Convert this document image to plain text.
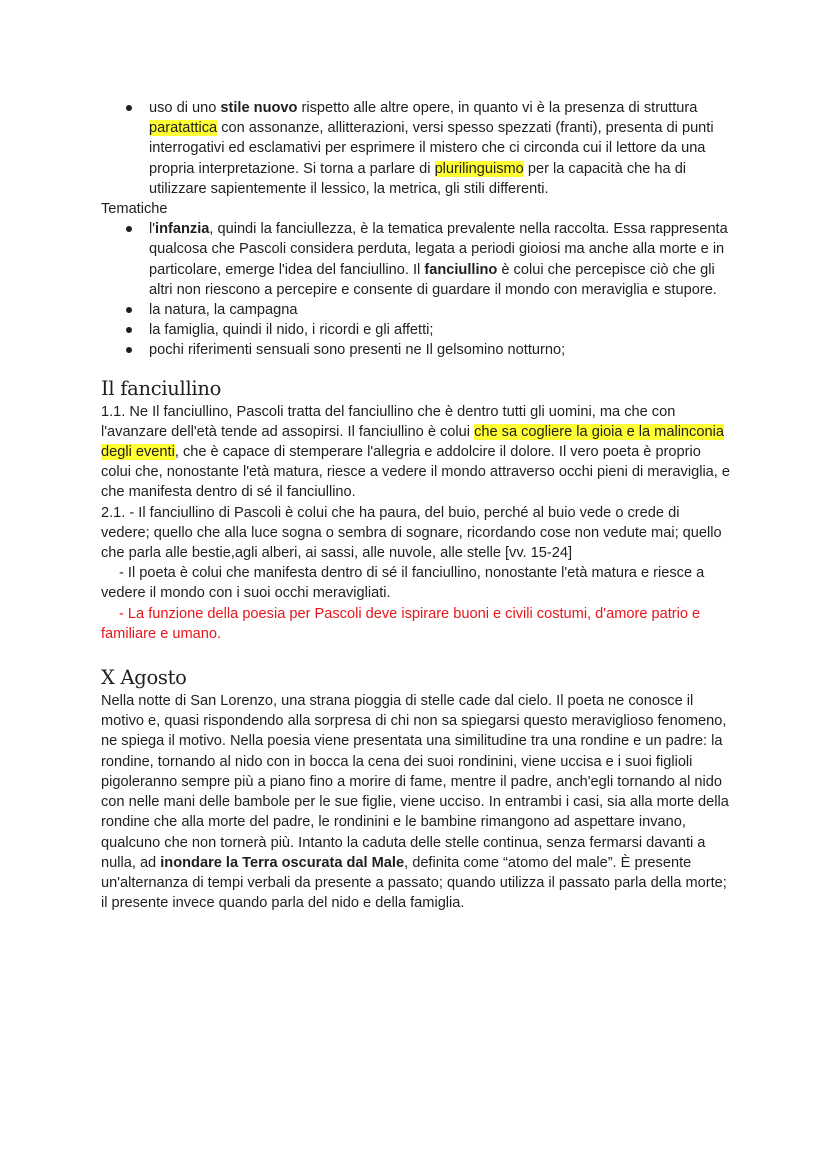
uso di uno stile nuovo rispetto alle altre opere, in quanto vi è la presenza di struttura paratattica con assonanze, allitterazioni, versi spesso spezzati (franti), presenta di punti interrogativi ed esclamativi per esprimere il mistero che ci circonda cui il lettore da una propria interpretazione. Si torna a parlare di plurilinguismo per la capacità che ha di utilizzare sapientemente il lessico, la metrica, gli stili differenti.

Tematiche

l'infanzia, quindi la fanciullezza, è la tematica prevalente nella raccolta. Essa rappresenta qualcosa che Pascoli considera perduta, legata a periodi gioiosi ma anche alla morte e in particolare, emerge l'idea del fanciullino. Il fanciullino è colui che percepisce ciò che gli altri non riescono a percepire e consente di guardare il mondo con meraviglia e stupore.
la natura, la campagna
la famiglia, quindi il nido, i ricordi e gli affetti;
pochi riferimenti sensuali sono presenti ne Il gelsomino notturno;
Il fanciullino

1.1. Ne Il fanciullino, Pascoli tratta del fanciullino che è dentro tutti gli uomini, ma che con l'avanzare dell'età tende ad assopirsi. Il fanciullino è colui che sa cogliere la gioia e la malinconia degli eventi, che è capace di stemperare l'allegria e addolcire il dolore. Il vero poeta è proprio colui che, nonostante l'età matura, riesce a vedere il mondo attraverso occhi pieni di meraviglia, e che manifesta dentro di sé il fanciullino.

2.1. - Il fanciullino di Pascoli è colui che ha paura, del buio, perché al buio vede o crede di vedere; quello che alla luce sogna o sembra di sognare, ricordando cose non vedute mai; quello che parla alle bestie,agli alberi, ai sassi, alle nuvole, alle stelle [vv. 15-24]

- Il poeta è colui che manifesta dentro di sé il fanciullino, nonostante l'età matura e riesce a vedere il mondo con i suoi occhi meravigliati.

- La funzione della poesia per Pascoli deve ispirare buoni e civili costumi, d'amore patrio e familiare e umano.

X Agosto

Nella notte di San Lorenzo, una strana pioggia di stelle cade dal cielo. Il poeta ne conosce il motivo e, quasi rispondendo alla sorpresa di chi non sa spiegarsi questo meraviglioso fenomeno, ne spiega il motivo. Nella poesia viene presentata una similitudine tra una rondine e un padre: la rondine, tornando al nido con in bocca la cena dei suoi rondinini, viene uccisa e i suoi figlioli pigoleranno sempre più a piano fino a morire di fame, mentre il padre, anch'egli tornando al nido con nelle mani delle bambole per le sue figlie, viene ucciso. In entrambi i casi, sia alla morte della rondine che alla morte del padre, le rondinini e le bambine rimangono ad aspettare invano, qualcuno che non tornerà più. Intanto la caduta delle stelle continua, senza fermarsi davanti a nulla, ad inondare la Terra oscurata dal Male, definita come “atomo del male”. È presente un'alternanza di tempi verbali da presente a passato; quando utilizza il passato parla della morte; il presente invece quando parla del nido e della famiglia.
